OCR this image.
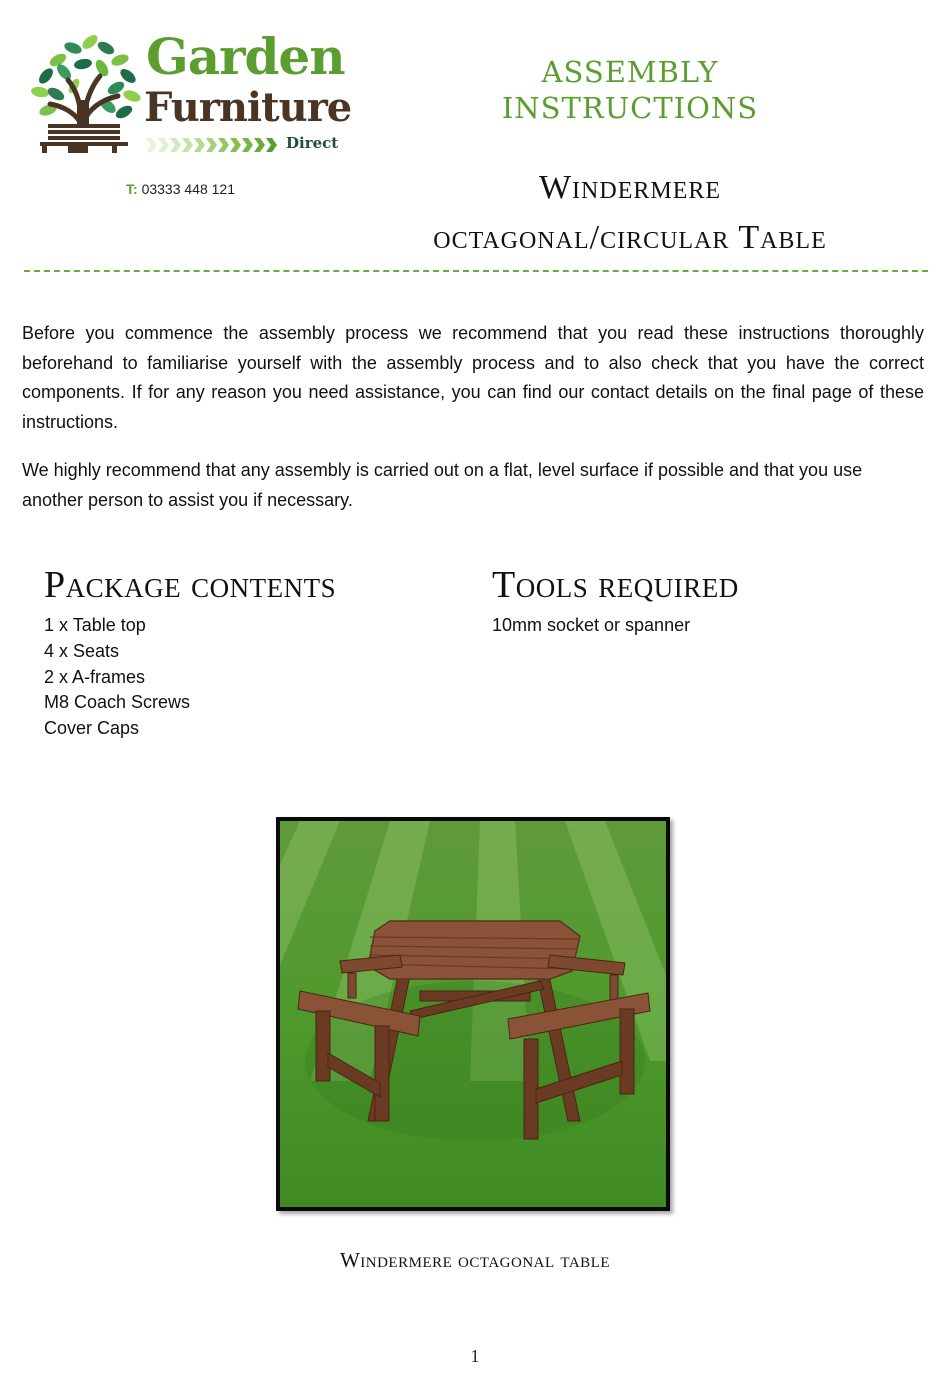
Garden
Furniture
Direct
T: 03333 448 121
ASSEMBLY
INSTRUCTIONS
Windermere
octagonal/circular Table

Before you commence the assembly process we recommend that you read these instructions thoroughly beforehand to familiarise yourself with the assembly process and to also check that you have the correct components. If for any reason you need assistance, you can find our contact details on the final page of these instructions.

We highly recommend that any assembly is carried out on a flat, level surface if possible and that you use another person to assist you if necessary.

Package contents
1 x Table top
4 x Seats
2 x A-frames
M8 Coach Screws
Cover Caps
Tools required
10mm socket or spanner
Windermere octagonal table
1
